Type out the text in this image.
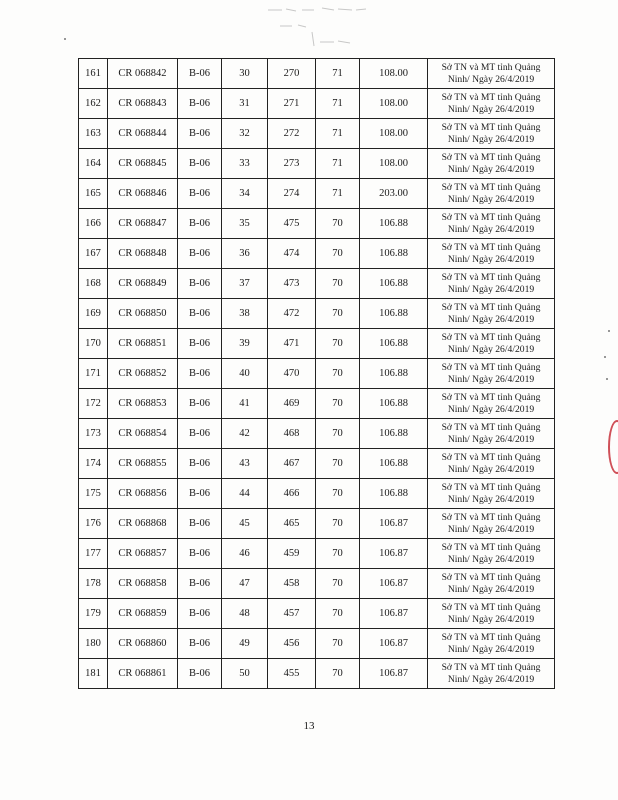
161	CR 068842	B-06	30	270	71	108.00	Sở TN và MT tỉnh Quảng
Ninh/ Ngày 26/4/2019

162	CR 068843	B-06	31	271	71	108.00	Sở TN và MT tỉnh Quảng
Ninh/ Ngày 26/4/2019

163	CR 068844	B-06	32	272	71	108.00	Sở TN và MT tỉnh Quảng
Ninh/ Ngày 26/4/2019

164	CR 068845	B-06	33	273	71	108.00	Sở TN và MT tỉnh Quảng
Ninh/ Ngày 26/4/2019

165	CR 068846	B-06	34	274	71	203.00	Sở TN và MT tỉnh Quảng
Ninh/ Ngày 26/4/2019

166	CR 068847	B-06	35	475	70	106.88	Sở TN và MT tỉnh Quảng
Ninh/ Ngày 26/4/2019

167	CR 068848	B-06	36	474	70	106.88	Sở TN và MT tỉnh Quảng
Ninh/ Ngày 26/4/2019

168	CR 068849	B-06	37	473	70	106.88	Sở TN và MT tỉnh Quảng
Ninh/ Ngày 26/4/2019

169	CR 068850	B-06	38	472	70	106.88	Sở TN và MT tỉnh Quảng
Ninh/ Ngày 26/4/2019

170	CR 068851	B-06	39	471	70	106.88	Sở TN và MT tỉnh Quảng
Ninh/ Ngày 26/4/2019

171	CR 068852	B-06	40	470	70	106.88	Sở TN và MT tỉnh Quảng
Ninh/ Ngày 26/4/2019

172	CR 068853	B-06	41	469	70	106.88	Sở TN và MT tỉnh Quảng
Ninh/ Ngày 26/4/2019

173	CR 068854	B-06	42	468	70	106.88	Sở TN và MT tỉnh Quảng
Ninh/ Ngày 26/4/2019

174	CR 068855	B-06	43	467	70	106.88	Sở TN và MT tỉnh Quảng
Ninh/ Ngày 26/4/2019

175	CR 068856	B-06	44	466	70	106.88	Sở TN và MT tỉnh Quảng
Ninh/ Ngày 26/4/2019

176	CR 068868	B-06	45	465	70	106.87	Sở TN và MT tỉnh Quảng
Ninh/ Ngày 26/4/2019

177	CR 068857	B-06	46	459	70	106.87	Sở TN và MT tỉnh Quảng
Ninh/ Ngày 26/4/2019

178	CR 068858	B-06	47	458	70	106.87	Sở TN và MT tỉnh Quảng
Ninh/ Ngày 26/4/2019

179	CR 068859	B-06	48	457	70	106.87	Sở TN và MT tỉnh Quảng
Ninh/ Ngày 26/4/2019

180	CR 068860	B-06	49	456	70	106.87	Sở TN và MT tỉnh Quảng
Ninh/ Ngày 26/4/2019

181	CR 068861	B-06	50	455	70	106.87	Sở TN và MT tỉnh Quảng
Ninh/ Ngày 26/4/2019
13
